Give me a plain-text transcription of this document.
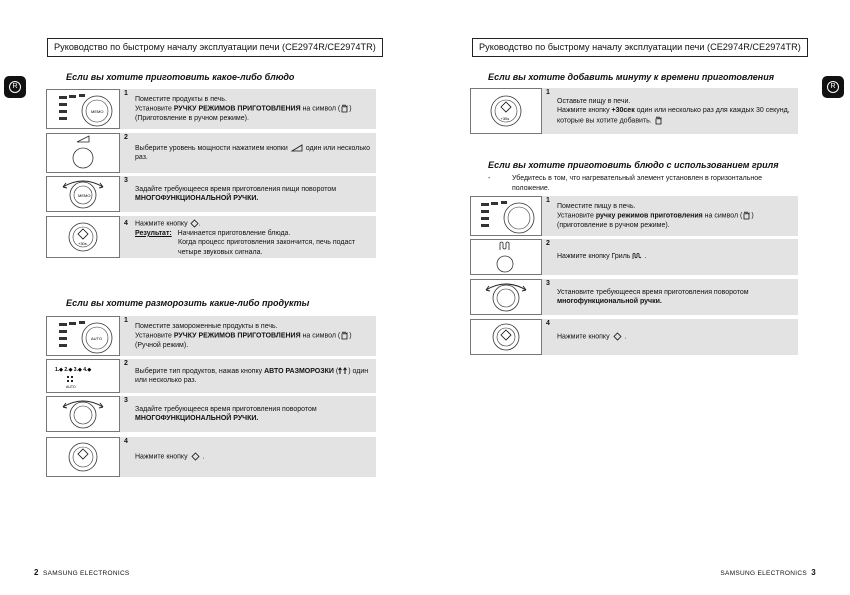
Руководство по быстрому началу эксплуатации печи (CE2974R/CE2974TR)
R
Если вы хотите приготовить какое-либо блюдо
MEMO
1
Поместите продукты в печь.
Установите РУЧКУ РЕЖИМОВ ПРИГОТОВЛЕНИЯ на символ ( )
(Приготовление в ручном режиме).
2
Выберите уровень мощности нажатием кнопки	один или несколько
раз.
MEMO
3
Задайте требующееся время приготовления пищи поворотом
МНОГОФУНКЦИОНАЛЬНОЙ РУЧКИ.
+30s
4	Нажмите кнопку .
Результат: Начинается приготовление блюда.
Когда процесс приготовления закончится, печь подаст
четыре звуковых сигнала.
Если вы хотите разморозить какие-либо продукты
AUTO
1
Поместите замороженные продукты в печь.
Установите РУЧКУ РЕЖИМОВ ПРИГОТОВЛЕНИЯ на символ ( )
(Ручной режим).
1.◆ 2.◆ 3.◆ 4.◆
AUTO
2
Выберите тип продуктов, нажав кнопку АВТО РАЗМОРОЗКИ ( ) один
или несколько раз.
3
Задайте требующееся время приготовления поворотом
МНОГОФУНКЦИОНАЛЬНОЙ РУЧКИ.
4
Нажмите кнопку .
2 SAMSUNG ELECTRONICS
Руководство по быстрому началу эксплуатации печи (CE2974R/CE2974TR)
R
Если вы хотите добавить минуту к времени приготовления
+30s
1
Оставьте пищу в печи.
Нажмите кнопку +30сек один или несколько раз для каждых 30 секунд,
которые вы хотите добавить.
Если вы хотите приготовить блюдо с использованием гриля
-	Убедитесь в том, что нагревательный элемент установлен в горизонтальное
положение.
1
Поместите пищу в печь.
Установите ручку режимов приготовления на символ ( )
(приготовление в ручном режиме).
2
Нажмите кнопку Гриль .
3
Установите требующееся время приготовления поворотом
многофункциональной ручки.
4
Нажмите кнопку .
SAMSUNG ELECTRONICS 3
